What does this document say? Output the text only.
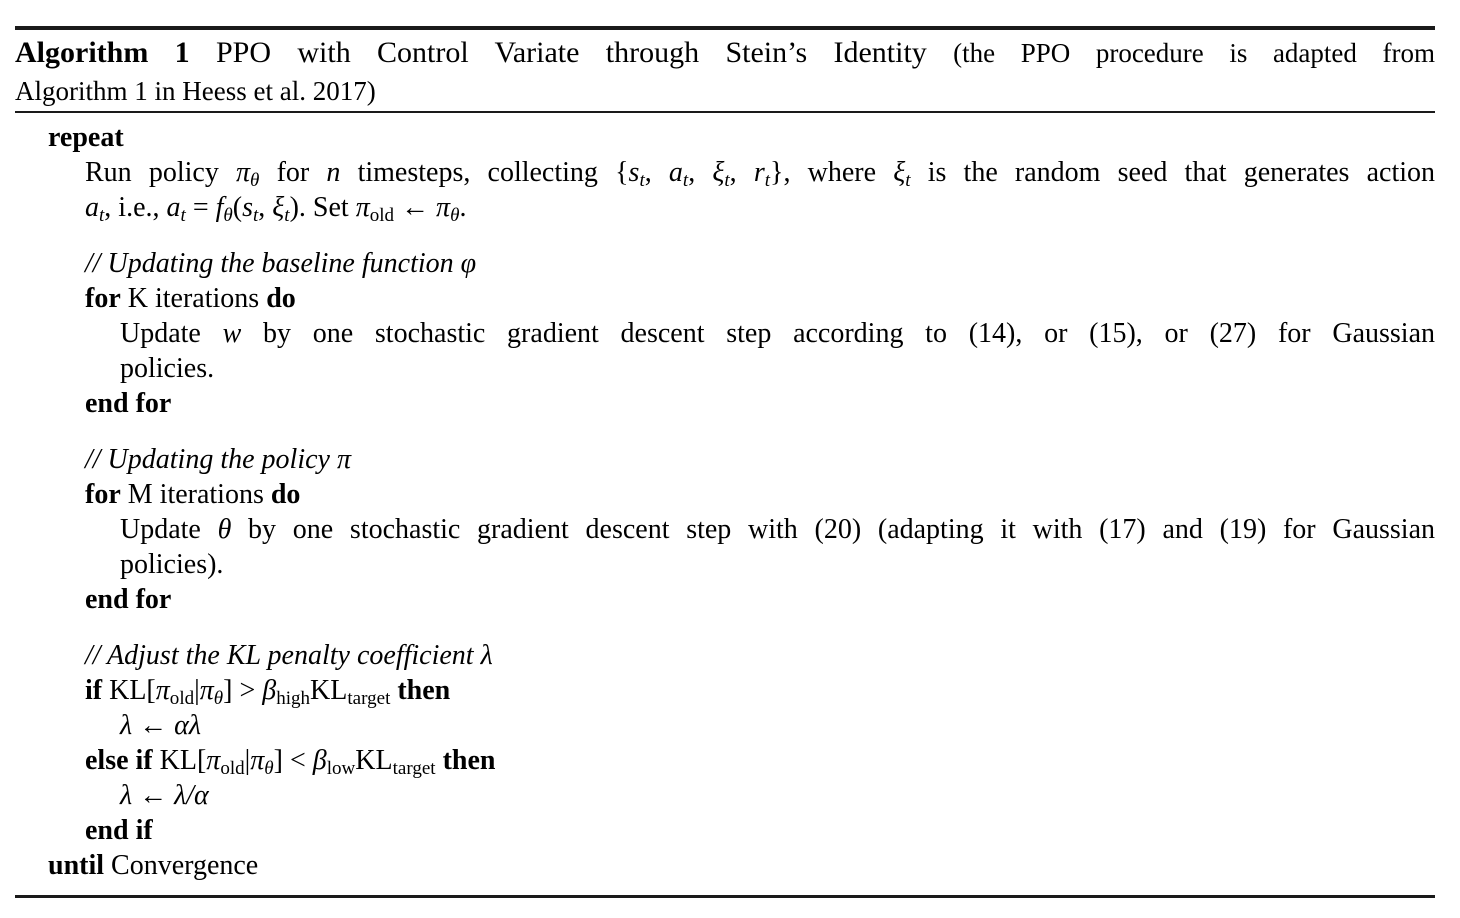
Algorithm 1 PPO with Control Variate through Stein’s Identity (the PPO procedure is adapted from
Algorithm 1 in Heess et al. 2017)
repeat
Run policy πθ for n timesteps, collecting {st, at, ξt, rt}, where ξt is the random seed that generates action
at, i.e., at = fθ(st, ξt). Set πold ← πθ.
// Updating the baseline function φ
for K iterations do
Update w by one stochastic gradient descent step according to (14), or (15), or (27) for Gaussian
policies.
end for
// Updating the policy π
for M iterations do
Update θ by one stochastic gradient descent step with (20) (adapting it with (17) and (19) for Gaussian
policies).
end for
// Adjust the KL penalty coefficient λ
if KL[πold|πθ] > βhighKLtarget then
λ ← αλ
else if KL[πold|πθ] < βlowKLtarget then
λ ← λ/α
end if
until Convergence
